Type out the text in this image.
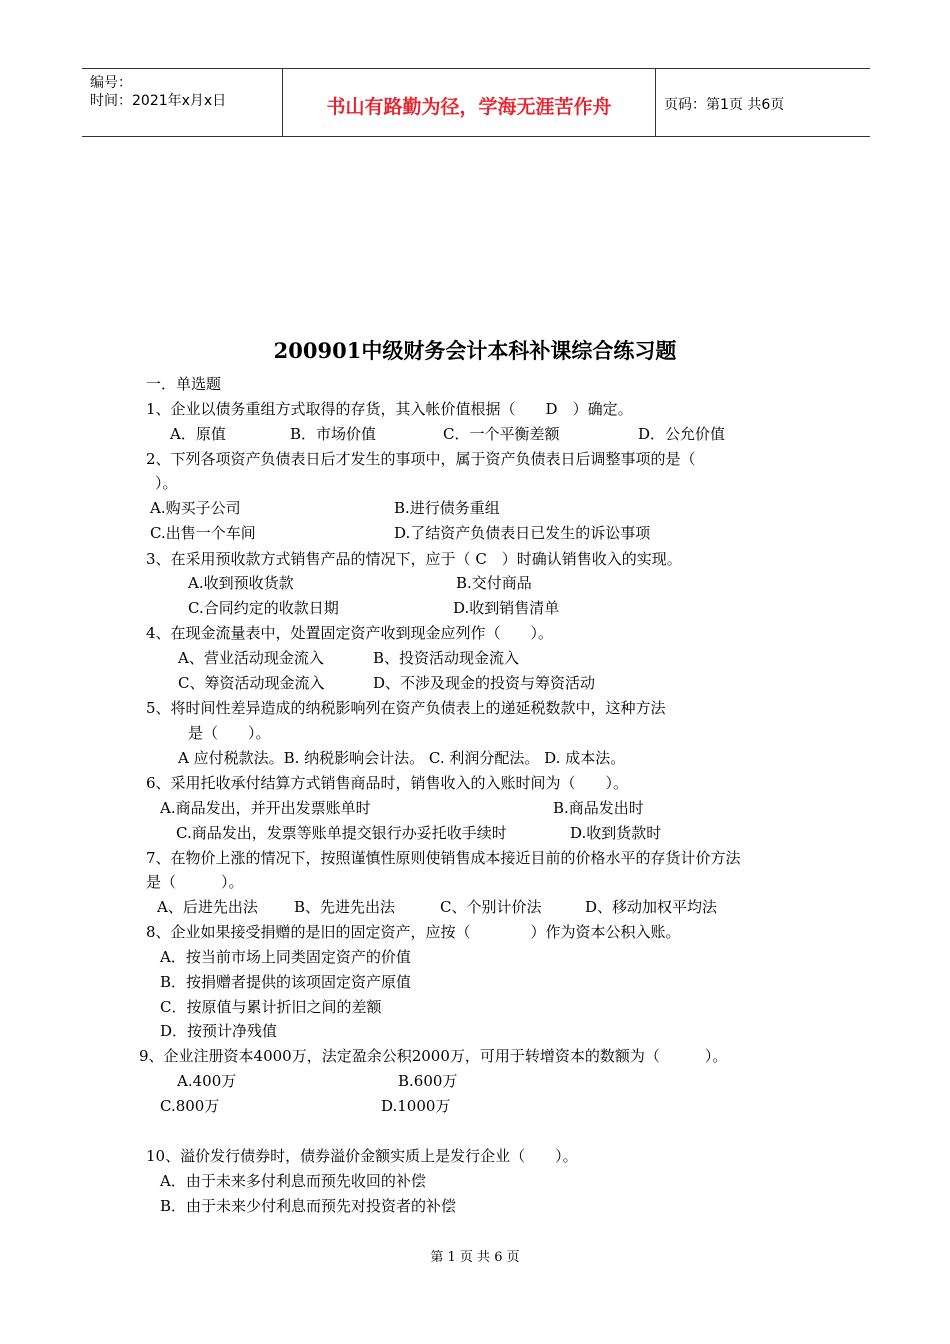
编号：
时间：2021年x月x日	书山有路勤为径，学海无涯苦作舟	页码：第1页 共6页
200901中级财务会计本科补课综合练习题
一．单选题
1、企业以债务重组方式取得的存货，其入帐价值根据（　　D　）确定。
A．原值	B．市场价值	C．一个平衡差额	D．公允价值
2、下列各项资产负债表日后才发生的事项中，属于资产负债表日后调整事项的是（
）。
A.购买子公司	B.进行债务重组
C.出售一个车间	D.了结资产负债表日已发生的诉讼事项
3、在采用预收款方式销售产品的情况下，应于（ C　）时确认销售收入的实现。
A.收到预收货款	B.交付商品
C.合同约定的收款日期	D.收到销售清单
4、在现金流量表中，处置固定资产收到现金应列作（　　）。
A、营业活动现金流入	B、投资活动现金流入
C、筹资活动现金流入	D、不涉及现金的投资与筹资活动
5、将时间性差异造成的纳税影响列在资产负债表上的递延税数款中，这种方法
是（　　）。
A 应付税款法。B. 纳税影响会计法。 C. 利润分配法。 D. 成本法。
6、采用托收承付结算方式销售商品时，销售收入的入账时间为（　　）。
A.商品发出，并开出发票账单时	B.商品发出时
C.商品发出，发票等账单提交银行办妥托收手续时	D.收到货款时
7、在物价上涨的情况下，按照谨慎性原则使销售成本接近目前的价格水平的存货计价方法
是（　　　）。
A、后进先出法 B、先进先出法	C、个别计价法	D、移动加权平均法
8、企业如果接受捐赠的是旧的固定资产，应按（　　　　）作为资本公积入账。
A．按当前市场上同类固定资产的价值
B．按捐赠者提供的该项固定资产原值
C．按原值与累计折旧之间的差额
D．按预计净残值
9、企业注册资本4000万，法定盈余公积2000万，可用于转增资本的数额为（　　　）。
A.400万	B.600万
C.800万	D.1000万
10、溢价发行债券时，债券溢价金额实质上是发行企业（　　）。
A．由于未来多付利息而预先收回的补偿
B．由于未来少付利息而预先对投资者的补偿
第 1 页 共 6 页
